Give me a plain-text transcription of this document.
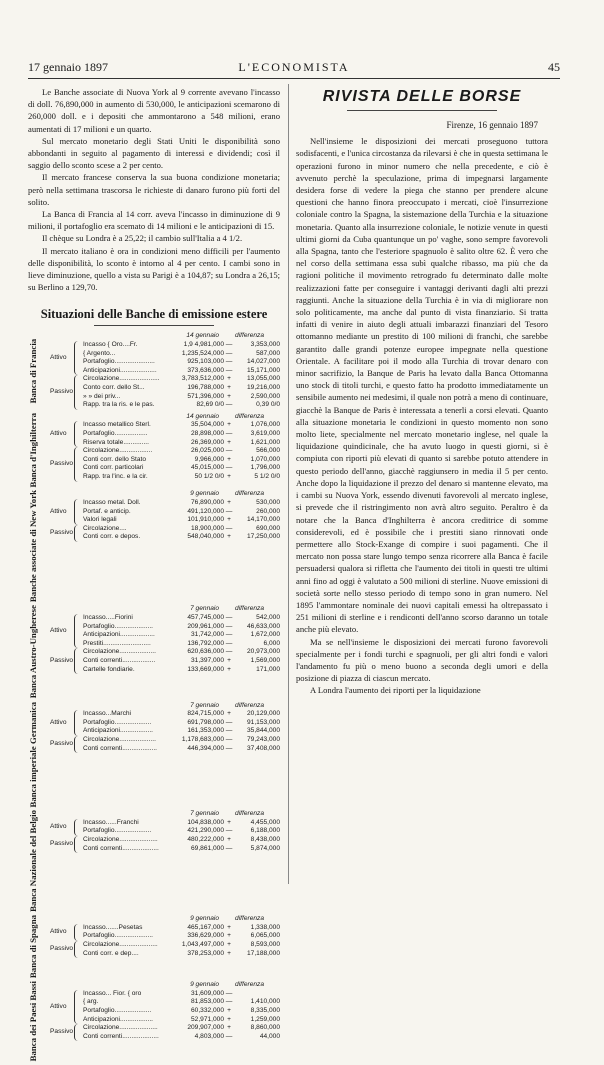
17 gennaio 1897	L'ECONOMISTA	45

Le Banche associate di Nuova York al 9 corrente avevano l'incasso di doll. 76,890,000 in aumento di 530,000, le anticipazioni scemarono di 260,000 doll. e i depositi che ammontarono a 548 milioni, erano aumentati di 17 milioni e un quarto.

Sul mercato monetario degli Stati Uniti le disponibilità sono abbondanti in seguito al pagamento di interessi e dividendi; così il saggio dello sconto scese a 2 per cento.

Il mercato francese conserva la sua buona condizione monetaria; però nella settimana trascorsa le richieste di danaro furono più forti del solito.

La Banca di Francia al 14 corr. aveva l'incasso in diminuzione di 9 milioni, il portafoglio era scemato di 14 milioni e le anticipazioni di 15.

Il chèque su Londra è a 25,22; il cambio sull'Italia a 4 1/2.

Il mercato italiano è ora in condizioni meno difficili per l'aumento delle disponibilità, lo sconto è intorno al 4 per cento. I cambi sono in lieve diminuzione, quello a vista su Parigi è a 104,87; su Londra a 26,15; su Berlino a 129,70.

Situazioni delle Banche di emissione estere
Banca di Francia
14 gennaio differenza
Attivo
Incasso { Oro....Fr.	1,9 4,981,000 —	3,353,000
{ Argento...	1,235,524,000 —	587,000
Portafoglio......................	925,103,000 —	14,027,000
Anticipazioni....................	373,636,000 —	15,171,000
Passivo
Circolazione......................	3,783,512,000 +	13,055,000
Conto corr. dello St...	196,788,000 +	19,216,000
» » dei priv...	571,396,000 +	2,590,000
Rapp. tra la ris. e le pas.	82,69 0/0 —	0,39 0/0
Banca d'Inghilterra	14 gennaio differenza
Attivo
Incasso metallico Sterl.	35,504,000 +	1,076,000
Portafoglio..................	28,898,000 —	3,619,000
Riserva totale..............	26,369,000 +	1,621,000
Passivo
Circolazione..................	26,025,000 —	566,000
Conti corr. dello Stato	9,966,000 +	1,070,000
Conti corr. particolari	45,015,000 —	1,796,000
Rapp. tra l'inc. e la cir.	50 1/2 0/0 +	5 1/2 0/0
Banche associate di New York	9 gennaio differenza
Attivo
Incasso metal. Doll.	76,890,000 +	530,000
Portaf. e anticip.	491,120,000 —	260,000
Valori legali	101,910,000 +	14,170,000
Passivo
Circolazione....	18,900,000 —	690,000
Conti corr. e depos.	548,040,000 +	17,250,000
Banca Austro-Ungherese	7 gennaio differenza
Attivo
Incasso.....Fiorini	457,745,000 —	542,000
Portafoglio.....................	209,961,000 —	46,633,000
Anticipazioni...................	31,742,000 —	1,672,000
Prestiti..........................	136,792,000 —	6,000
Passivo
Circolazione....................	620,636,000 —	20,973,000
Conti correnti..................	31,397,000 +	1,569,000
Cartelle fondiarie.	133,669,000 +	171,000
Banca imperiale Germanica	7 gennaio differenza
Attivo
Incasso...Marchi	824,715,000 +	20,129,000
Portafoglio....................	691,798,000 —	91,153,000
Anticipazioni..................	161,353,000 —	35,844,000
Passivo
Circolazione....................	1,178,683,000 —	79,243,000
Conti correnti...................	446,394,000 —	37,408,000
Banca Nazionale del Belgio	7 gennaio differenza
Attivo
Incasso......Franchi	104,838,000 +	4,455,000
Portafoglio....................	421,290,000 —	6,188,000
Passivo
Circolazione.....................	480,222,000 +	8,438,000
Conti correnti....................	69,861,000 —	5,874,000
Banca di Spagna	9 gennaio differenza
Attivo
Incasso.......Pesetas	465,167,000 +	1,338,000
Portafoglio.....................	336,629,000 +	6,065,000
Passivo
Circolazione.....................	1,043,497,000 +	8,593,000
Conti corr. e dep....	378,253,000 +	17,188,000
Banca dei Paesi Bassi	9 gennaio differenza
Attivo
Incasso... Fior. { oro	31,609,000 —
{ arg.	81,853,000 —	1,410,000
Portafoglio....................	60,332,000 +	8,335,000
Anticipazioni..................	52,971,000 +	1,259,000
Passivo
Circolazione.....................	209,907,000 +	8,860,000
Conti correnti....................	4,803,000 —	44,000
RIVISTA DELLE BORSE
Firenze, 16 gennaio 1897

Nell'insieme le disposizioni dei mercati proseguono tuttora sodisfacenti, e l'unica circostanza da rilevarsi è che in questa settimana le operazioni furono in minor numero che nella precedente, e ciò è avvenuto perchè la speculazione, prima di impegnarsi largamente desidera forse di vedere la piega che stanno per prendere alcune questioni che hanno finora preoccupato i mercati, cioè l'insurrezione coloniale contro la Spagna, la sistemazione della Turchia e la situazione monetaria. Quanto alla insurrezione coloniale, le notizie venute in questi ultimi giorni da Cuba quantunque un po' vaghe, sono sempre favorevoli alla Spagna, tanto che l'esteriore spagnuolo è salito oltre 62. È vero che nel corso della settimana essa subì qualche ribasso, ma più che da ragioni politiche il movimento retrogrado fu determinato dalle molte realizzazioni fatte per conseguire i vantaggi derivanti dagli alti prezzi raggiunti. Anche la situazione della Turchia è in via di migliorare non solo politicamente, ma anche dal punto di vista finanziario. Si tratta infatti di venire in aiuto degli attuali imbarazzi finanziari del Tesoro ottomanno mediante un prestito di 100 milioni di franchi, che sarebbe garantito dalle grandi potenze europee impegnate nella questione Orientale. A facilitare poi il modo alla Turchia di trovar denaro con minor sacrifizio, la Banque de Paris ha levato dalla Banca Ottomanna uno stock di titoli turchi, e questo fatto ha prodotto immediatamente un sensibile aumento nei medesimi, il quale non potrà a meno di continuare, giacchè la Banque de Paris è interessata a tenerli a corsi elevati. Quanto alla situazione monetaria le condizioni in questo momento non sono molto liete, specialmente nel mercato monetario inglese, nel quale la liquidazione quindicinale, che ha avuto luogo in questi giorni, si è compiuta con riporti più elevati di quanto si sarebbe potuto attendere in questo periodo dell'anno, giacchè raggiunsero in media il 5 per cento. Anche dopo la liquidazione il prezzo del denaro si mantenne elevato, ma i cambi su Nuova York, essendo divenuti favorevoli al mercato inglese, si prevede che il ristringimento non avrà altro seguito. Peraltro è da notare che la Banca d'Inghilterra è ancora creditrice di somme considerevoli, ed è possibile che i prestiti siano rinnovati onde permettere allo Stock-Exange di compire i suoi pagamenti. Che il mercato non possa stare lungo tempo senza ricorrere alla Banca è facile persuadersi qualora si rifletta che l'aumento dei titoli in questi tre ultimi anni fino ad oggi è valutato a 500 milioni di sterline. Nuove emissioni di società sorte nello stesso periodo di tempo sono in gran numero. Nel 1895 l'ammontare nominale dei nuovi capitali emessi ha oltrepassato i 251 milioni di sterline e i rendiconti dell'anno scorso daranno un totale anche più elevato.

Ma se nell'insieme le disposizioni dei mercati furono favorevoli specialmente per i fondi turchi e spagnuoli, per gli altri fondi e valori l'andamento fu più o meno buono a seconda degli umori e della posizione di piazza di ciascun mercato.

A Londra l'aumento dei riporti per la liquidazione
